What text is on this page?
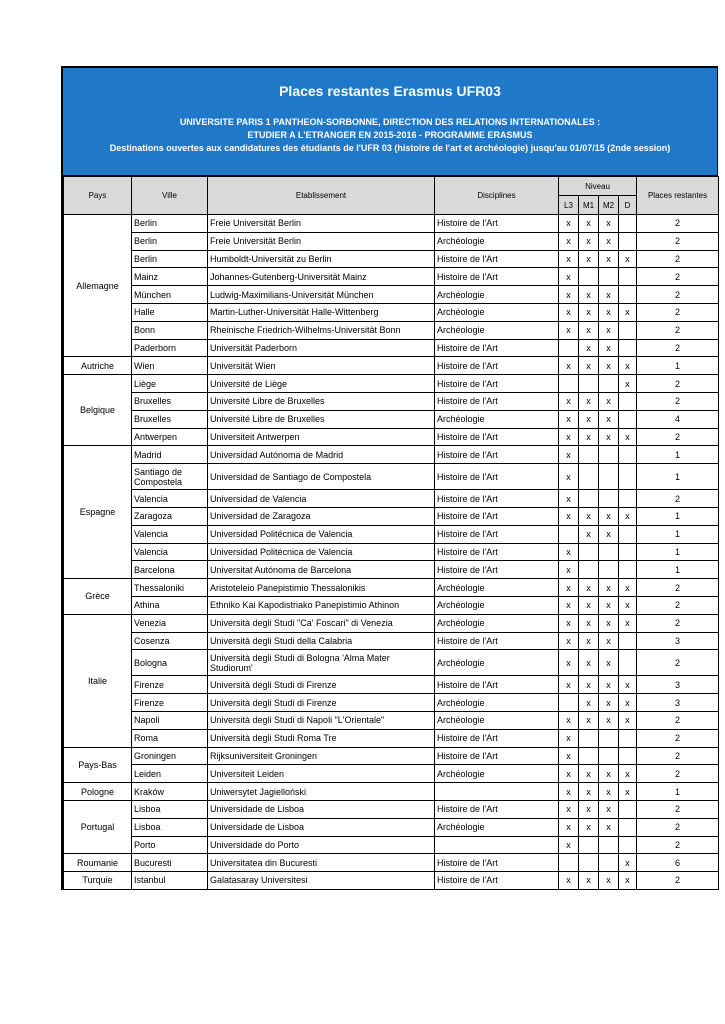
Places restantes Erasmus UFR03
UNIVERSITE PARIS 1 PANTHEON-SORBONNE, DIRECTION DES RELATIONS INTERNATIONALES :
ETUDIER A L'ETRANGER EN 2015-2016 - PROGRAMME ERASMUS
Destinations ouvertes aux candidatures des étudiants de l'UFR 03 (histoire de l'art et archéologie) jusqu'au 01/07/15 (2nde session)
Pays	Ville	Etablissement	Disciplines	Niveau				Places restantes
				L3	M1	M2	D	
Allemagne	Berlin	Freie Universität Berlin	Histoire de l'Art	x	x	x		2
	Berlin	Freie Universität Berlin	Archéologie	x	x	x		2
	Berlin	Humboldt-Universität zu Berlin	Histoire de l'Art	x	x	x	x	2
	Mainz	Johannes-Gutenberg-Universität Mainz	Histoire de l'Art	x				2
	München	Ludwig-Maximilians-Universität München	Archéologie	x	x	x		2
	Halle	Martin-Luther-Universität Halle-Wittenberg	Archéologie	x	x	x	x	2
	Bonn	Rheinische Friedrich-Wilhelms-Universität Bonn	Archéologie	x	x	x		2
	Paderborn	Universität Paderborn	Histoire de l'Art		x	x		2
Autriche	Wien	Universität Wien	Histoire de l'Art	x	x	x	x	1
Belgique	Liège	Université de Liège	Histoire de l'Art				x	2
	Bruxelles	Université Libre de Bruxelles	Histoire de l'Art	x	x	x		2
	Bruxelles	Université Libre de Bruxelles	Archéologie	x	x	x		4
	Antwerpen	Universiteit Antwerpen	Histoire de l'Art	x	x	x	x	2
Espagne	Madrid	Universidad Autónoma de Madrid	Histoire de l'Art	x				1
	Santiago de Compostela	Universidad de Santiago de Compostela	Histoire de l'Art	x				1
	Valencia	Universidad de Valencia	Histoire de l'Art	x				2
	Zaragoza	Universidad de Zaragoza	Histoire de l'Art	x	x	x	x	1
	Valencia	Universidad Politécnica de Valencia	Histoire de l'Art		x	x		1
	Valencia	Universidad Politécnica de Valencia	Histoire de l'Art	x				1
	Barcelona	Universitat Autónoma de Barcelona	Histoire de l'Art	x				1
Grèce	Thessaloniki	Aristoteleio Panepistimio Thessalonikis	Archéologie	x	x	x	x	2
	Athina	Ethniko Kai Kapodistriako Panepistimio Athinon	Archéologie	x	x	x	x	2
Italie	Venezia	Università degli Studi "Ca' Foscari" di Venezia	Archéologie	x	x	x	x	2
	Cosenza	Università degli Studi della Calabria	Histoire de l'Art	x	x	x		3
	Bologna	Università degli Studi di Bologna 'Alma Mater Studiorum'	Archéologie	x	x	x		2
	Firenze	Università degli Studi di Firenze	Histoire de l'Art	x	x	x	x	3
	Firenze	Università degli Studi di Firenze	Archéologie		x	x	x	3
	Napoli	Università degli Studi di Napoli "L'Orientale"	Archéologie	x	x	x	x	2
	Roma	Università degli Studi Roma Tre	Histoire de l'Art	x				2
Pays-Bas	Groningen	Rijksuniversiteit Groningen	Histoire de l'Art	x				2
	Leiden	Universiteit Leiden	Archéologie	x	x	x	x	2
Pologne	Kraków	Uniwersytet Jagielloński		x	x	x	x	1
Portugal	Lisboa	Universidade de Lisboa	Histoire de l'Art	x	x	x		2
	Lisboa	Universidade de Lisboa	Archéologie	x	x	x		2
	Porto	Universidade do Porto		x				2
Roumanie	Bucuresti	Universitatea din Bucuresti	Histoire de l'Art				x	6
Turquie	Istanbul	Galatasaray Universitesi	Histoire de l'Art	x	x	x	x	2
